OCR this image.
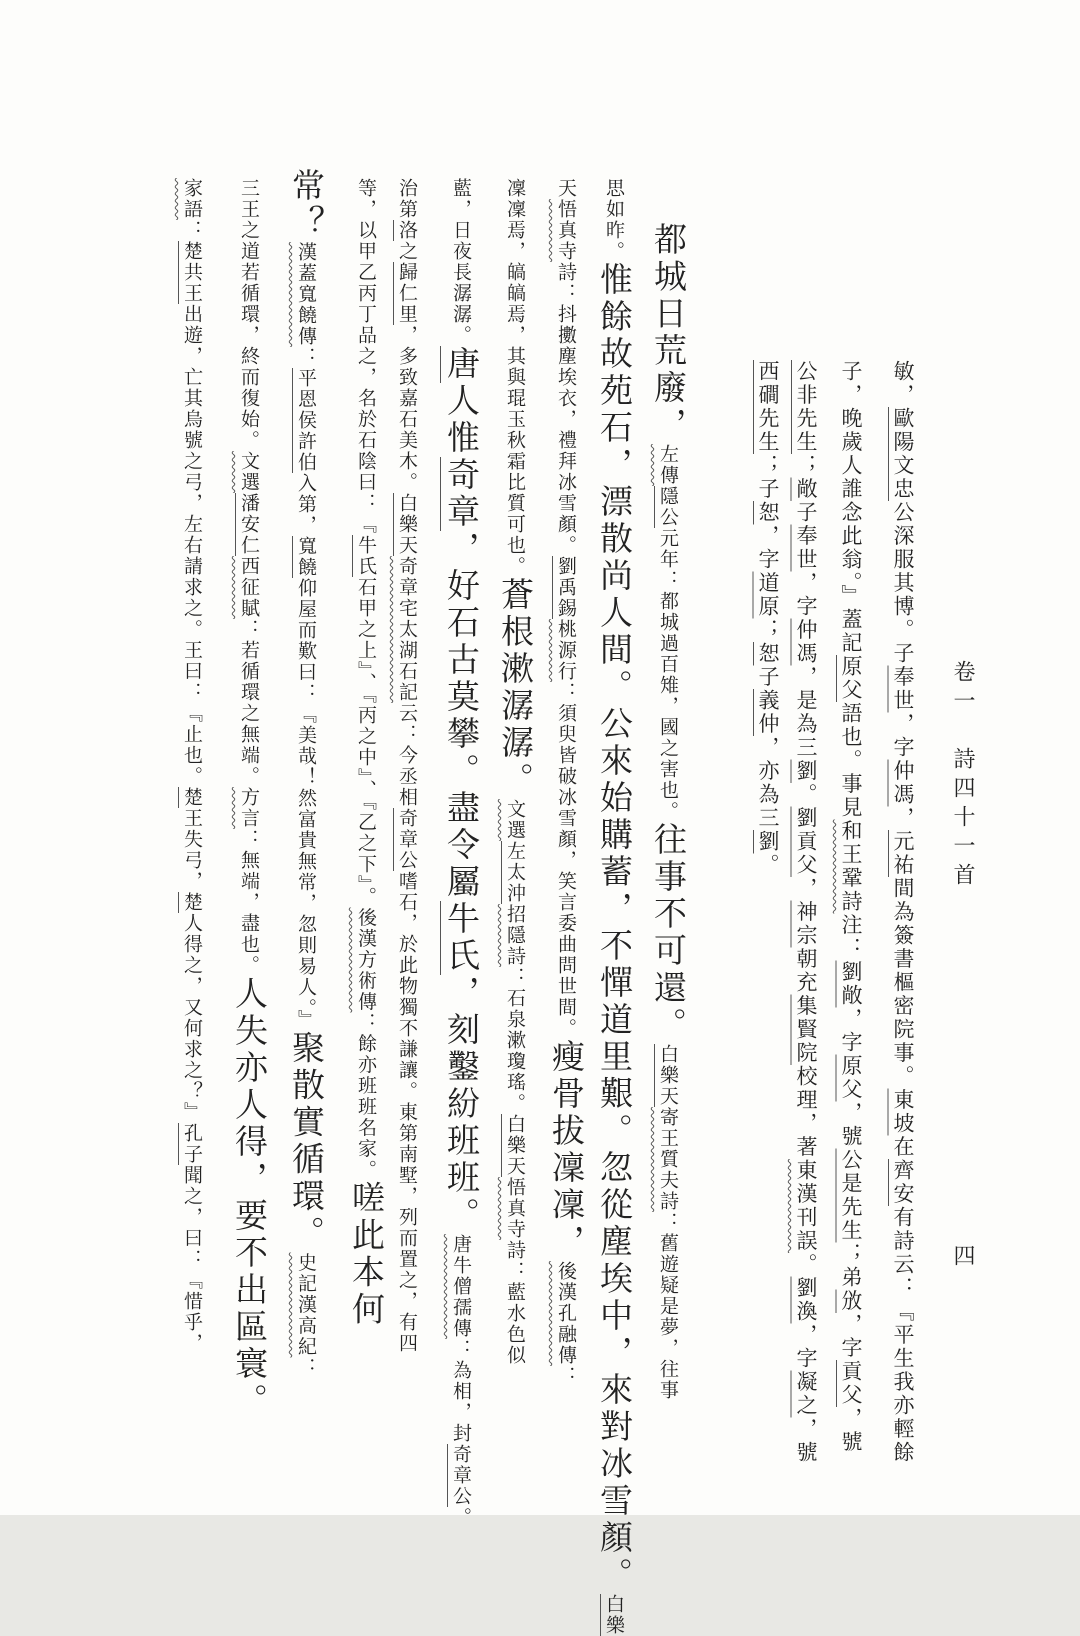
卷一　詩四十一首
四
敏，歐陽文忠公深服其博。子奉世，字仲馮，元祐間為簽書樞密院事。東坡在齊安有詩云：『平生我亦輕餘
子，晚歲人誰念此翁。』蓋記原父語也。事見和王鞏詩注：劉敞，字原父，號公是先生；弟攽，字貢父，號
公非先生；敞子奉世，字仲馮，是為三劉。劉貢父，神宗朝充集賢院校理，著東漢刊誤。劉渙，字凝之，號
西磵先生；子恕，字道原；恕子義仲，亦為三劉。
都城日荒廢，左傳隱公元年：都城過百雉，國之害也。往事不可還。白樂天寄王質夫詩：舊遊疑是夢，往事
思如昨。惟餘故苑石，漂散尚人間。公來始購蓄，不憚道里艱。忽從塵埃中，來對冰雪顏。白樂
天悟真寺詩：抖擻塵埃衣，禮拜冰雪顏。劉禹錫桃源行：須臾皆破冰雪顏，笑言委曲問世間。瘦骨拔凜凜，後漢孔融傳：
凜凜焉，皜皜焉，其與琨玉秋霜比質可也。蒼根漱潺潺。文選左太沖招隱詩：石泉漱瓊瑤。白樂天悟真寺詩：藍水色似
藍，日夜長潺潺。唐人惟奇章，好石古莫攀。盡令屬牛氏，刻鑿紛班班。唐牛僧孺傳：為相，封奇章公。
治第洛之歸仁里，多致嘉石美木。白樂天奇章宅太湖石記云：今丞相奇章公嗜石，於此物獨不謙讓。東第南墅，列而置之，有四
等，以甲乙丙丁品之，名於石陰曰：『牛氏石甲之上』、『丙之中』、『乙之下』。後漢方術傳：餘亦班班名家。嗟此本何
常？漢蓋寬饒傳：平恩侯許伯入第，寬饒仰屋而歎曰：『美哉！然富貴無常，忽則易人。』聚散實循環。史記漢高紀：
三王之道若循環，終而復始。文選潘安仁西征賦：若循環之無端。方言：無端，盡也。人失亦人得，要不出區寰。
家語：楚共王出遊，亡其烏號之弓，左右請求之。王曰：『止也。楚王失弓，楚人得之，又何求之？』孔子聞之，曰：『惜乎，
